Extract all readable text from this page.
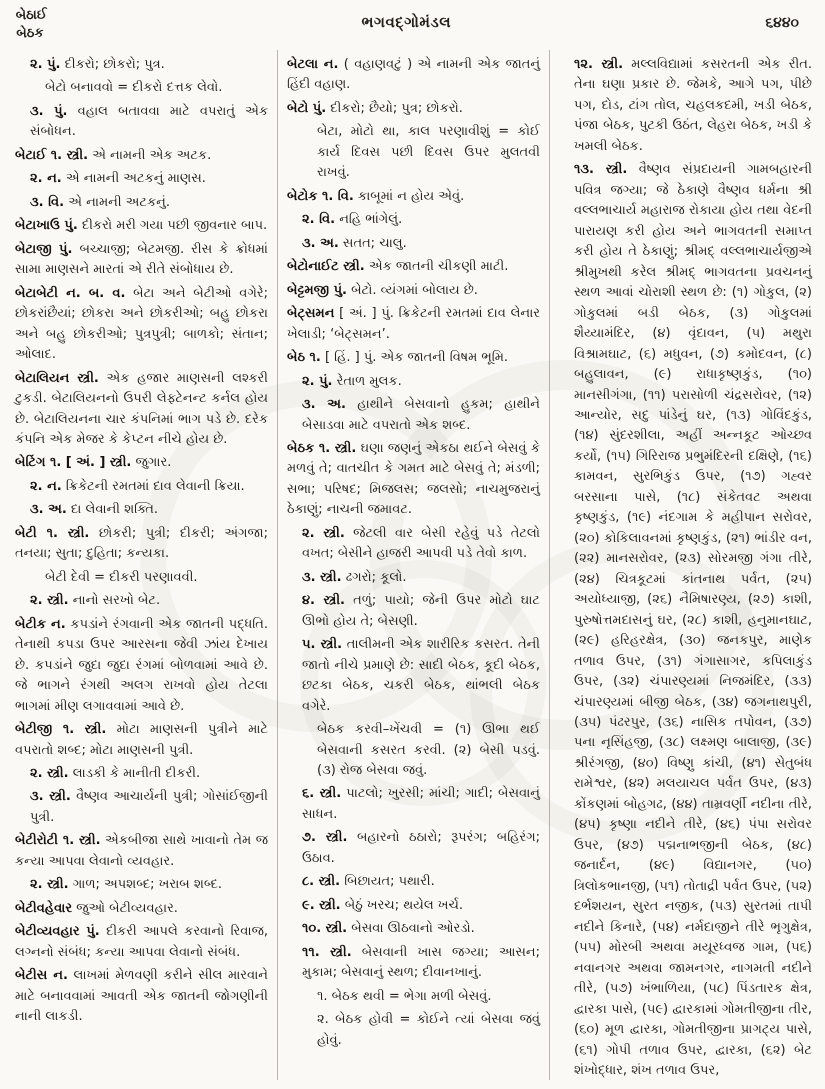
બેઠાઈ
બેઠક
ભગવદ્ગોમંડલ	૬૪૪૦

૨. પું. દીકરો; છોકરો; પુત્ર.

બેટો બનાવવો = દીકરો દત્તક લેવો.

૩. પું. વહાલ બતાવવા માટે વપરાતું એક સંબોધન.

બેટાઈ ૧. સ્ત્રી. એ નામની એક અટક.

૨. ન. એ નામની અટકનું માણસ.

૩. વિ. એ નામની અટકનું.

બેટાખાઉ પું. દીકરો મરી ગયા પછી જીવનાર બાપ.

બેટાજી પું. બચ્ચાજી; બેટમજી. રીસ કે ક્રોધમાં સામા માણસને મારતાં એ રીતે સંબોધાય છે.

બેટાબેટી ન. બ. વ. બેટા અને બેટીઓ વગેરે; છોકરાંછૈયાં; છોકરા અને છોકરીઓ; બહુ છોકરા અને બહુ છોકરીઓ; પુત્રપુત્રી; બાળકો; સંતાન; ઓલાદ.

બેટાલિયન સ્ત્રી. એક હજાર માણસની લશ્કરી ટુકડી. બેટાલિયનનો ઉપરી લેફ્ટેનન્ટ કર્નલ હોય છે. બેટાલિયનના ચાર કંપનિમાં ભાગ પડે છે. દરેક કંપનિ એક મેજર કે કેપ્ટન નીચે હોય છે.

બેટિંગ ૧. [ અં. ] સ્ત્રી. જુગાર.

૨. ન. ક્રિકેટની રમતમાં દાવ લેવાની ક્રિયા.

૩. અ. દા લેવાની શક્તિ.

બેટી ૧. સ્ત્રી. છોકરી; પુત્રી; દીકરી; અંગજા; તનયા; સુતા; દુહિતા; કન્યકા.

બેટી દેવી = દીકરી પરણાવવી.

૨. સ્ત્રી. નાનો સરખો બેટ.

બેટીક ન. કપડાંને રંગવાની એક જાતની પદ્ધતિ. તેનાથી કપડા ઉપર આરસના જેવી ઝાંય દેખાય છે. કપડાંને જુદા જુદા રંગમાં બોળવામાં આવે છે. જે ભાગને રંગથી અલગ રાખવો હોય તેટલા ભાગમાં મીણ લગાવવામાં આવે છે.

બેટીજી ૧. સ્ત્રી. મોટા માણસની પુત્રીને માટે વપરાતો શબ્દ; મોટા માણસની પુત્રી.

૨. સ્ત્રી. લાડકી કે માનીતી દીકરી.

૩. સ્ત્રી. વૈષ્ણવ આચાર્યની પુત્રી; ગોસાંઈજીની પુત્રી.

બેટીરોટી ૧. સ્ત્રી. એકબીજા સાથે ખાવાનો તેમ જ કન્યા આપવા લેવાનો વ્યવહાર.

૨. સ્ત્રી. ગાળ; અપશબ્દ; ખરાબ શબ્દ.

બેટીવહેવાર જુઓ બેટીવ્યવહાર.

બેટીવ્યવહાર પું. દીકરી આપલે કરવાનો રિવાજ, લગ્નનો સંબંધ; કન્યા આપવા લેવાનો સંબંધ.

બેટીસ ન. લાખમાં મેળવણી કરીને સીલ મારવાને માટે બનાવવામાં આવતી એક જાતની જોગણીની નાની લાકડી.

બેટલા ન. ( વહાણવટું ) એ નામની એક જાતનું હિંદી વહાણ.

બેટો પું. દીકરો; છૈયો; પુત્ર; છોકરો.

બેટા, મોટો થા, કાલ પરણાવીશું = કોઈ કાર્ય દિવસ પછી દિવસ ઉપર મુલતવી રાખવું.

બેટોક ૧. વિ. કાબૂમાં ન હોય એવું.

૨. વિ. નહિ ભાંગેલું.

૩. અ. સતત; ચાલુ.

બેટોનાઈટ સ્ત્રી. એક જાતની ચીકણી માટી.

બેટ્ટમજી પું. બેટો. વ્યંગમાં બોલાય છે.

બેટ્સમન [ અં. ] પું. ક્રિકેટની રમતમાં દાવ લેનાર ખેલાડી; ‘બેટ્સમન’.

બેઠ ૧. [ હિં. ] પું. એક જાતની વિષમ ભૂમિ.

૨. પું. રેતાળ મુલક.

૩. અ. હાથીને બેસવાનો હુકમ; હાથીને બેસાડવા માટે વપરાતો એક શબ્દ.

બેઠક ૧. સ્ત્રી. ઘણા જણનું એકઠા થઈને બેસવું કે મળવું તે; વાતચીત કે ગમત માટે બેસવું તે; મંડળી; સભા; પરિષદ; મિજલસ; જલસો; નાચમુજરાનું ઠેકાણું; નાચની જમાવટ.

૨. સ્ત્રી. જેટલી વાર બેસી રહેવું પડે તેટલો વખત; બેસીને હાજરી આપવી પડે તેવો કાળ.

૩. સ્ત્રી. ઢગરો; કૂલો.

૪. સ્ત્રી. તળું; પાયો; જેની ઉપર મોટો ઘાટ ઊભો હોય તે; બેસણી.

૫. સ્ત્રી. તાલીમની એક શારીરિક કસરત. તેની જાતો નીચે પ્રમાણે છે: સાદી બેઠક, કૂદી બેઠક, છટકા બેઠક, ચકરી બેઠક, થાંભલી બેઠક વગેરે.

બેઠક કરવી–ખેંચવી = (૧) ઊભા થઈ બેસવાની કસરત કરવી. (૨) બેસી પડવું. (૩) રોજ બેસવા જવું.

૬. સ્ત્રી. પાટલો; ખુરસી; માંચી; ગાદી; બેસવાનું સાધન.

૭. સ્ત્રી. બહારનો ઠઠારો; રૂપરંગ; બહિરંગ; ઉઠાવ.

૮. સ્ત્રી. બિછાયત; પથારી.

૯. સ્ત્રી. બેઠું ખરચ; થયેલ ખર્ચ.

૧૦. સ્ત્રી. બેસવા ઊઠવાનો ઓરડો.

૧૧. સ્ત્રી. બેસવાની ખાસ જગ્યા; આસન; મુકામ; બેસવાનું સ્થળ; દીવાનખાનું.

૧. બેઠક થવી = ભેગા મળી બેસવું.

૨. બેઠક હોવી = કોઈને ત્યાં બેસવા જવું હોવું.

૧૨. સ્ત્રી. મલ્લવિદ્યામાં કસરતની એક રીત. તેના ઘણા પ્રકાર છે. જેમકે, આગે પગ, પીછે પગ, દોડ, ટાંગ તોલ, ચહલકદમી, ખડી બેઠક, પંજા બેઠક, પુટકી ઉઠંત, લેહરા બેઠક, ખડી કે ખમલી બેઠક.

૧૩. સ્ત્રી. વૈષ્ણવ સંપ્રદાયની ગામબહારની પવિત્ર જગ્યા; જે ઠેકાણે વૈષ્ણવ ધર્મના શ્રી વલ્લભાચાર્ય મહારાજ રોકાયા હોય તથા વેદની પારાયણ કરી હોય અને ભાગવતની સમાપ્ત કરી હોય તે ઠેકાણું; શ્રીમદ્ વલ્લભાચાર્યજીએ શ્રીમુખથી કરેલ શ્રીમદ્ ભાગવતના પ્રવચનનું સ્થળ આવાં ચોરાશી સ્થળ છે: (૧) ગોકુલ, (૨) ગોકુલમાં બડી બેઠક, (૩) ગોકુલમાં શૈય્યામંદિર, (૪) વૃંદાવન, (૫) મથુરા વિશ્રામઘાટ, (૬) મધુવન, (૭) કમોદવન, (૮) બહુલાવન, (૯) રાધાકૃષ્ણકુંડ, (૧૦) માનસીગંગા, (૧૧) પરાસોળી ચંદ્રસરોવર, (૧૨) આન્યોર, સદુ પાંડેનું ઘર, (૧૩) ગોવિંદકુંડ, (૧૪) સુંદરશીલા, અહીં અન્નકૂટ ઓચ્છવ કર્યો, (૧૫) ગિરિરાજ પ્રભુમંદિરની દક્ષિણે, (૧૬) કામવન, સુરભિકુંડ ઉપર, (૧૭) ગહ્વર બરસાના પાસે, (૧૮) સંકેતવટ અથવા કૃષ્ણકુંડ, (૧૯) નંદગામ કે મહીપાન સરોવર, (૨૦) કોકિલાવનમાં કૃષ્ણકુંડ, (૨૧) ભાંડીર વન, (૨૨) માનસરોવર, (૨૩) સોરમજી ગંગા તીરે, (૨૪) ચિત્રકૂટમાં કાંતનાથ પર્વત, (૨૫) અયોધ્યાજી, (૨૬) નૈમિષારણ્ય, (૨૭) કાશી, પુરુષોત્તમદાસનું ઘર, (૨૮) કાશી, હનુમાનઘાટ, (૨૯) હરિહરક્ષેત્ર, (૩૦) જનકપુર, માણેક તળાવ ઉપર, (૩૧) ગંગાસાગર, કપિલાકુંડ ઉપર, (૩૨) ચંપારણ્યમાં નિજમંદિર, (૩૩) ચંપારણ્યમાં બીજી બેઠક, (૩૪) જગનાથપુરી, (૩૫) પંઢરપુર, (૩૬) નાસિક તપોવન, (૩૭) પના નૃસિંહજી, (૩૮) લક્ષ્મણ બાલાજી, (૩૯) શ્રીરંગજી, (૪૦) વિષ્ણુ કાંચી, (૪૧) સેતુબંધ રામેશ્વર, (૪૨) મલયાચલ પર્વત ઉપર, (૪૩) કોંકણમાં બોહગઢ, (૪૪) તામ્રવર્ણી નદીના તીરે, (૪૫) કૃષ્ણા નદીને તીરે, (૪૬) પંપા સરોવર ઉપર, (૪૭) પદ્મનાભજીની બેઠક, (૪૮) જનાર્દન, (૪૯) વિદ્યાનગર, (૫૦) ત્રિલોકભાનજી, (૫૧) તોતાદ્રી પર્વત ઉપર, (૫૨) દર્ભશયન, સુરત નજીક, (૫૩) સુરતમાં તાપી નદીને કિનારે, (૫૪) નર્મદાજીને તીરે ભૃગુક્ષેત્ર, (૫૫) મોરબી અથવા મયૂરધ્વજ ગામ, (૫૬) નવાનગર અથવા જામનગર, નાગમતી નદીને તીરે, (૫૭) ખંભાળિયા, (૫૮) પિંડતારક ક્ષેત્ર, દ્વારકા પાસે, (૫૯) દ્વારકામાં ગોમતીજીના તીર, (૬૦) મૂળ દ્વારકા, ગોમતીજીના પ્રાગટ્ય પાસે, (૬૧) ગોપી તળાવ ઉપર, દ્વારકા, (૬૨) બેટ શંખોદ્ધાર, શંખ તળાવ ઉપર,
